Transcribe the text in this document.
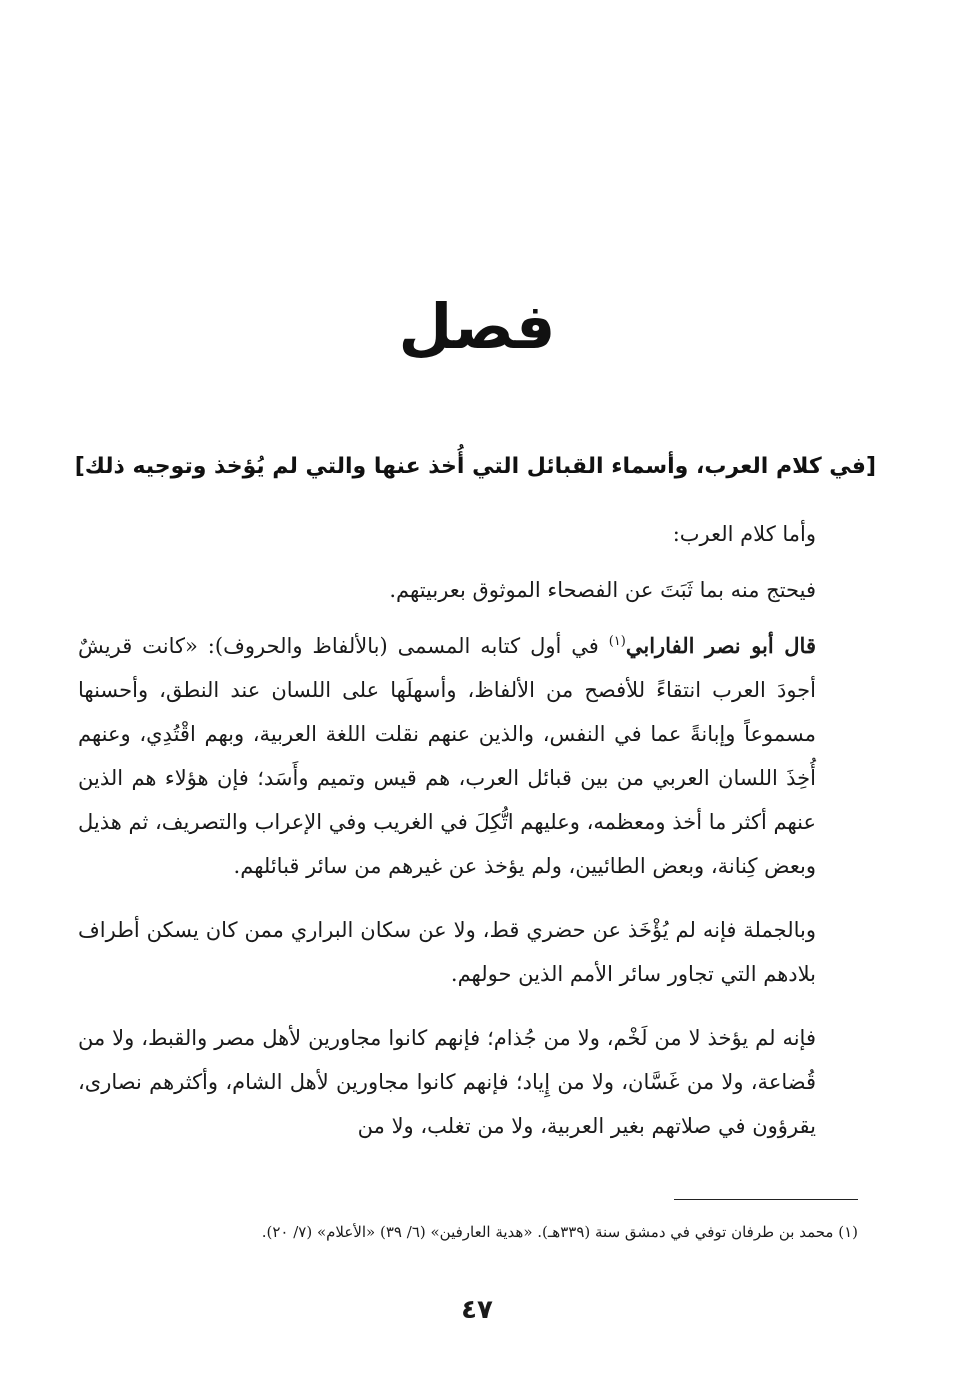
فصل
[في كلام العرب، وأسماء القبائل التي أُخذ عنها والتي لم يُؤخذ وتوجيه ذلك]

وأما كلام العرب:

فيحتج منه بما ثَبَتَ عن الفصحاء الموثوق بعربيتهم.

قال أبو نصر الفارابي$^{(١)}$ في أول كتابه المسمى (بالألفاظ والحروف): «كانت قريشٌ أجودَ العرب انتقاءً للأفصح من الألفاظ، وأسهلَها على اللسان عند النطق، وأحسنها مسموعاً وإبانةً عما في النفس، والذين عنهم نقلت اللغة العربية، وبهم اقْتُدِي، وعنهم أُخِذَ اللسان العربي من بين قبائل العرب، هم قيس وتميم وأَسَد؛ فإن هؤلاء هم الذين عنهم أكثر ما أخذ ومعظمه، وعليهم اتُّكِلَ في الغريب وفي الإعراب والتصريف، ثم هذيل وبعض كِنانة، وبعض الطائيين، ولم يؤخذ عن غيرهم من سائر قبائلهم.

وبالجملة فإنه لم يُؤْخَذ عن حضري قط، ولا عن سكان البراري ممن كان يسكن أطراف بلادهم التي تجاور سائر الأمم الذين حولهم.

فإنه لم يؤخذ لا من لَخْم، ولا من جُذام؛ فإنهم كانوا مجاورين لأهل مصر والقبط، ولا من قُضاعة، ولا من غَسَّان، ولا من إِياد؛ فإنهم كانوا مجاورين لأهل الشام، وأكثرهم نصارى، يقرؤون في صلاتهم بغير العربية، ولا من تغلب، ولا من

(١) محمد بن طرفان توفي في دمشق سنة (٣٣٩هـ). «هدية العارفين» (٦/ ٣٩) «الأعلام» (٧/ ٢٠).
٤٧
